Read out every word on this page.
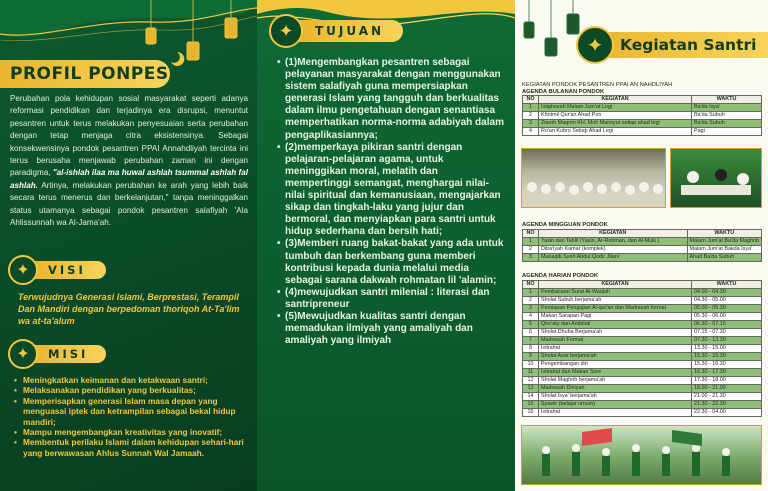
PROFIL PONPES
Perubahan pola kehidupan sosial masyarakat seperti adanya reformasi pendidikan dan terjadinya era disrupsi, menuntut pesantren untuk terus melakukan penyesuaian serta perubahan dengan tetap menjaga citra eksistensinya. Sebagai konsekwensinya pondok pesantren PPAI Annahdliyah tercinta ini terus berusaha menjawab perubahan zaman ini dengan paradigma, "al-ishlah ilaa ma huwal ashlah tsummal ashlah fal ashlah. Artinya, melakukan perubahan ke arah yang lebih baik secara terus menerus dan berkelanjutan," tanpa meninggalkan status utamanya sebagai pondok pesantren salafiyah 'Ala Ahlissunnah wa Al-Jama'ah.
✦	VISI
Terwujudnya Generasi Islami, Berprestasi, Terampil Dan Mandiri dengan berpedoman thoriqoh At-Ta'lim wa at-ta'alum
✦	MISI
• Meningkatkan keimanan dan ketakwaan santri;
• Melaksanakan pendidikan yang berkualitas;
• Memperisapkan generasi Islam masa depan yang menguasai iptek dan ketrampilan sebagai bekal hidup mandiri;
• Mampu mengembangkan kreativitas yang inovatif;
• Membentuk perilaku Islami dalam kehidupan sehari-hari yang berwawasan Ahlus Sunnah Wal Jamaah.
✦	TUJUAN
• (1)Mengembangkan pesantren sebagai pelayanan masyarakat dengan menggunakan sistem salafiyah guna mempersiapkan generasi Islam yang tangguh dan berkualitas dalam ilmu pengetahuan dengan senantiasa memperhatikan norma-norma adabiyah dalam pengaplikasiannya;
• (2)memperkaya pikiran santri dengan pelajaran-pelajaran agama, untuk meninggikan moral, melatih dan mempertinggi semangat, menghargai nilai-nilai spiritual dan kemanusiaan, mengajarkan sikap dan tingkah-laku yang jujur dan bermoral, dan menyiapkan para santri untuk hidup sederhana dan bersih hati;
• (3)Memberi ruang bakat-bakat yang ada untuk tumbuh dan berkembang guna memberi kontribusi kepada dunia melalui media sebagai sarana dakwah rohmatan lil 'alamin;
• (4)mewujudkan santri milenial : literasi dan santripreneur
• (5)Mewujudkan kualitas santri dengan memadukan ilmiyah yang amaliyah dan amaliyah yang ilmiyah
✦	Kegiatan Santri
KEGIATAN PONDOK PESANTREN PPAI AN NAHDLIYAH
AGENDA BULANAN PONDOK
NO	KEGIATAN	WAKTU
1	Istighosah Malam Jum'at Legi	Ba'da Isya'
2	Khotmil Qur'an Ahad Pon	Ba'da Subuh
3	Ziaroh Maqom KH. Moh Mansyur setiap ahad legi	Ba'da Subuh
4	Ro'an Kubro Setiap Ahad Legi	Pagi
AGENDA MINGGUAN PONDOK
NO	KEGIATAN	WAKTU
1	Yasin dan Tahlil (Yasin, Ar-Rohman, dan Al-Mulk )	Malam Jum'at Ba'da Maghrib
2	Diba'iyah Kamar (komplek)	Malam Jum'at Bakda Isya'
3	Manaqib Syeh Abdul Qodir Jilani	Ahad Ba'da Subuh
AGENDA HARIAN PONDOK
NO	KEGIATAN	WAKTU
1	Pembacaan Surat Al-Waqiah	04.00 - 04.30
2	Sholat Subuh berjama'ah	04.30 - 05.00
3	Persiapan Pengajian Al-qur'an dan Madrasah formal	05.00 - 05.30
4	Makan Sarapan Pagi	05.30 - 06.00
5	Qiro'aty dan Ambilati	06.30 - 07.15
6	Sholat Dhuha Berjama'ah	07.15 - 07.30
7	Madrasah Formal	07.30 - 13.30
8	Istirahat	13.30 - 15.00
9	Sholat Asar berjama'ah	15.30 - 15.30
10	Pengembangan diri	15.30 - 16.30
11	Istirahat dan Makan Sore	16.30 - 17.30
12	Sholat Maghrib berjama'ah	17.30 - 18.00
13	Madrasah Diniyah	18.00 - 21.00
14	Sholat Isya' berjama'ah	21.00 - 21.30
15	Syawir (belajar umum)	21.30 - 22.30
16	Istirahat	22.30 - 04.00
